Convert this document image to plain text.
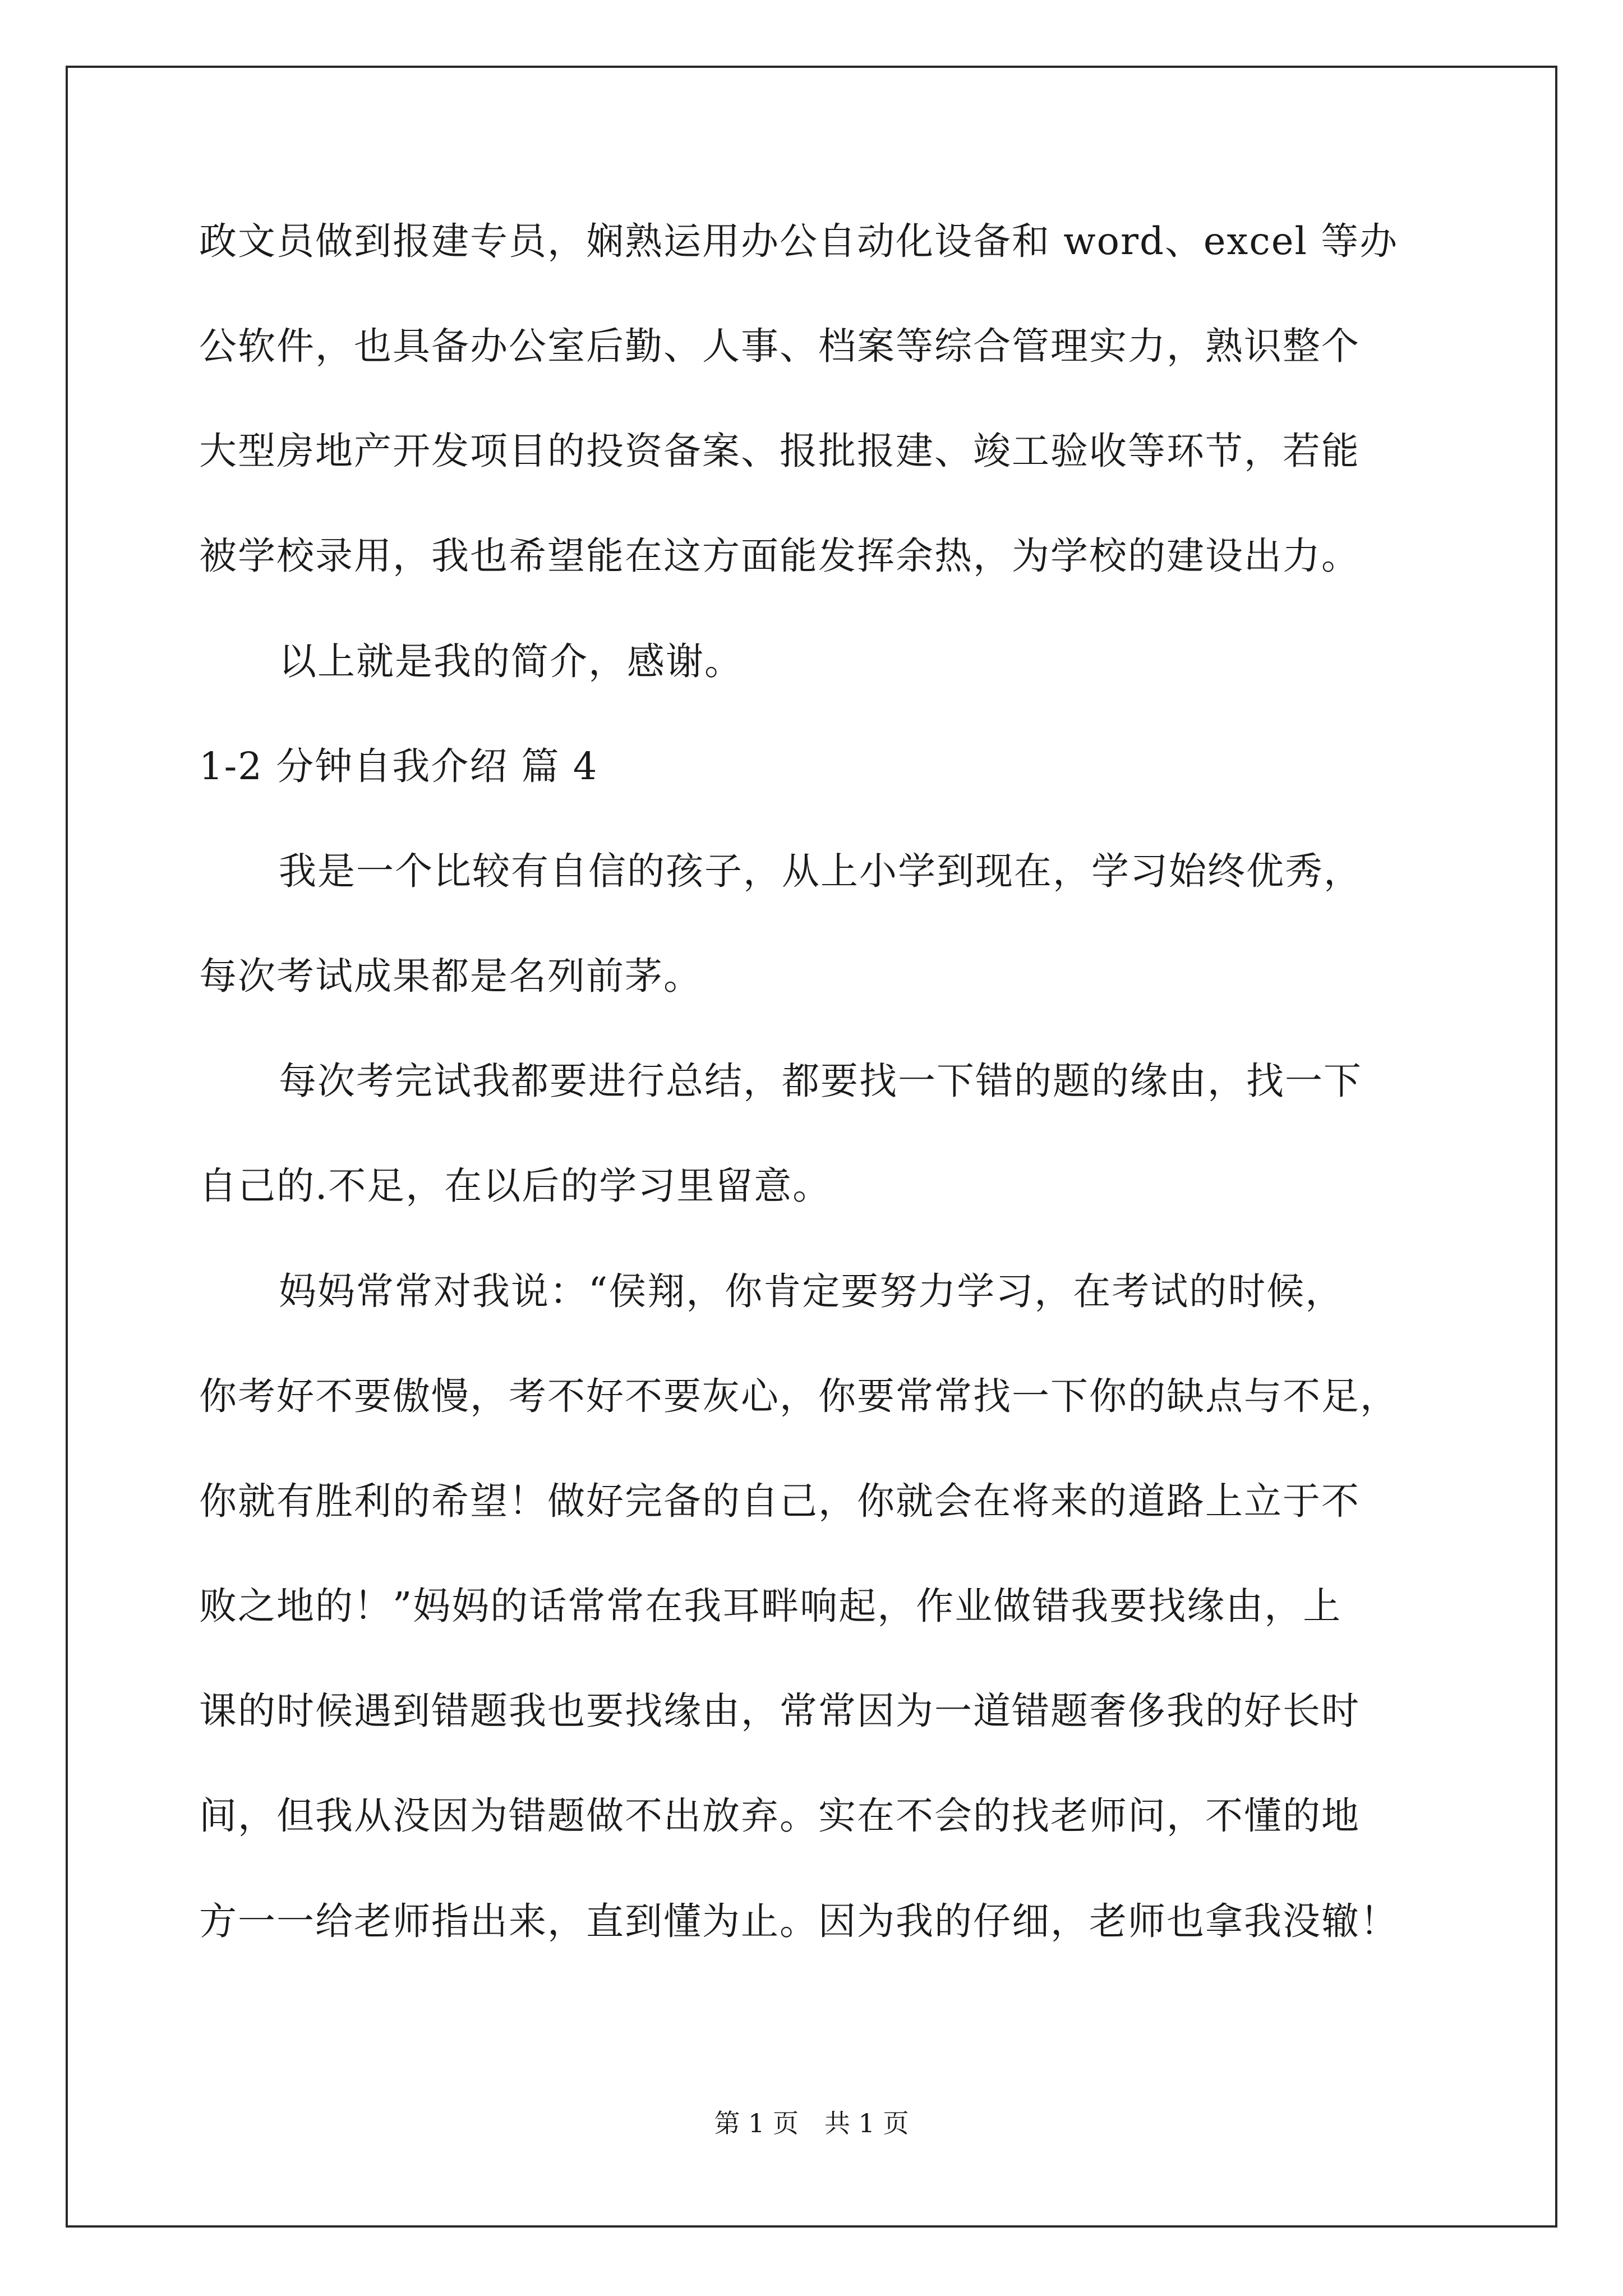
政文员做到报建专员，娴熟运用办公自动化设备和 word、excel 等办
公软件，也具备办公室后勤、人事、档案等综合管理实力，熟识整个
大型房地产开发项目的投资备案、报批报建、竣工验收等环节，若能
被学校录用，我也希望能在这方面能发挥余热，为学校的建设出力。
以上就是我的简介，感谢。
1-2 分钟自我介绍 篇 4
我是一个比较有自信的孩子，从上小学到现在，学习始终优秀，
每次考试成果都是名列前茅。
每次考完试我都要进行总结，都要找一下错的题的缘由，找一下
自己的.不足，在以后的学习里留意。
妈妈常常对我说：“侯翔，你肯定要努力学习，在考试的时候，
你考好不要傲慢，考不好不要灰心，你要常常找一下你的缺点与不足，
你就有胜利的希望！做好完备的自己，你就会在将来的道路上立于不
败之地的！”妈妈的话常常在我耳畔响起，作业做错我要找缘由，上
课的时候遇到错题我也要找缘由，常常因为一道错题奢侈我的好长时
间，但我从没因为错题做不出放弃。实在不会的找老师问，不懂的地
方一一给老师指出来，直到懂为止。因为我的仔细，老师也拿我没辙！
第 1 页　共 1 页
